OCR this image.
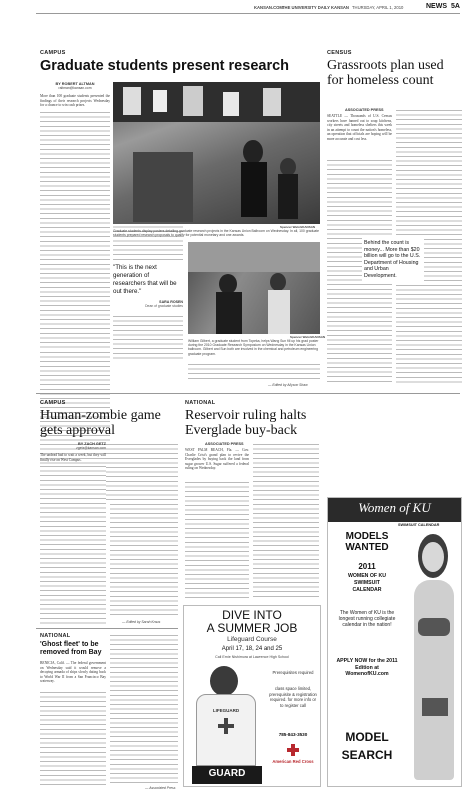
KANSAN.COM THE UNIVERSITY DAILY KANSAN THURSDAY, APRIL 1, 2010	NEWS 5A
CAMPUS
Graduate students present research
BY ROBERT ALTMAN
raltman@kansan.com
More than 100 graduate students presented the findings of their research projects Wednesday for a chance to win cash prizes.
"This is the next generation of researchers that will be out there."
SARA ROSEN
Dean of graduate studies
Spencer Walsh/KANSAN
Graduate students display posters detailing graduate research projects in the Kansas Union Ballroom on Wednesday. In all, 100 graduate students prepared research proposals to qualify for potential monetary and one awards.
Spencer Walsh/KANSAN
William Gilbert, a graduate student from Topeka, helps Wang Sun fill up his grad poster during the 2010 Graduate Research Symposium on Wednesday in the Kansas Union ballroom. Gilbert and Sun both are involved in the chemical and petroleum engineering graduate program.
— Edited by Allyson Shaw
CENSUS
Grassroots plan used for homeless count
ASSOCIATED PRESS
SEATTLE — Thousands of U.S. Census workers have fanned out to soup kitchens, city streets and homeless shelters this week in an attempt to count the nation's homeless, an operation that officials are hoping will be more accurate and cost less.
Behind the count is money... More than $20 billion will go to the U.S. Department of Housing and Urban Development.
CAMPUS
Human-zombie game gets approval
BY ZACH GETZ
zgetz@kansan.com
The undead had to wait a week, but they will finally rise on West Campus.
— Edited by Sarah Kraus
NATIONAL
Reservoir ruling halts Everglade buy-back
ASSOCIATED PRESS
WEST PALM BEACH, Fla. — Gov. Charlie Crist's grand plan to revive the Everglades by buying back the land from sugar grower U.S. Sugar suffered a federal ruling on Wednesday.
NATIONAL
'Ghost fleet' to be removed from Bay
BENICIA, Calif. — The federal government on Wednesday said it would remove a decaying armada of ships slowly dating back to World War II from a San Francisco Bay waterway.
— Associated Press
DIVE INTO
A SUMMER JOB
Lifeguard Course
April 17, 18, 24 and 25
Call Ernie Nishimura at Lawrence High School
Prerequisites required
class space limited, prerequisite & registration required. for more info or to register call
785-843-3530
American Red Cross
LIFEGUARD
GUARD
Women of KU
SWIMSUIT CALENDAR
MODELS WANTED
2011
WOMEN OF KU
SWIMSUIT
CALENDAR
The Women of KU is the longest running collegiate calendar in the nation!
APPLY NOW for the 2011 Edition at WomenofKU.com
MODEL
SEARCH
